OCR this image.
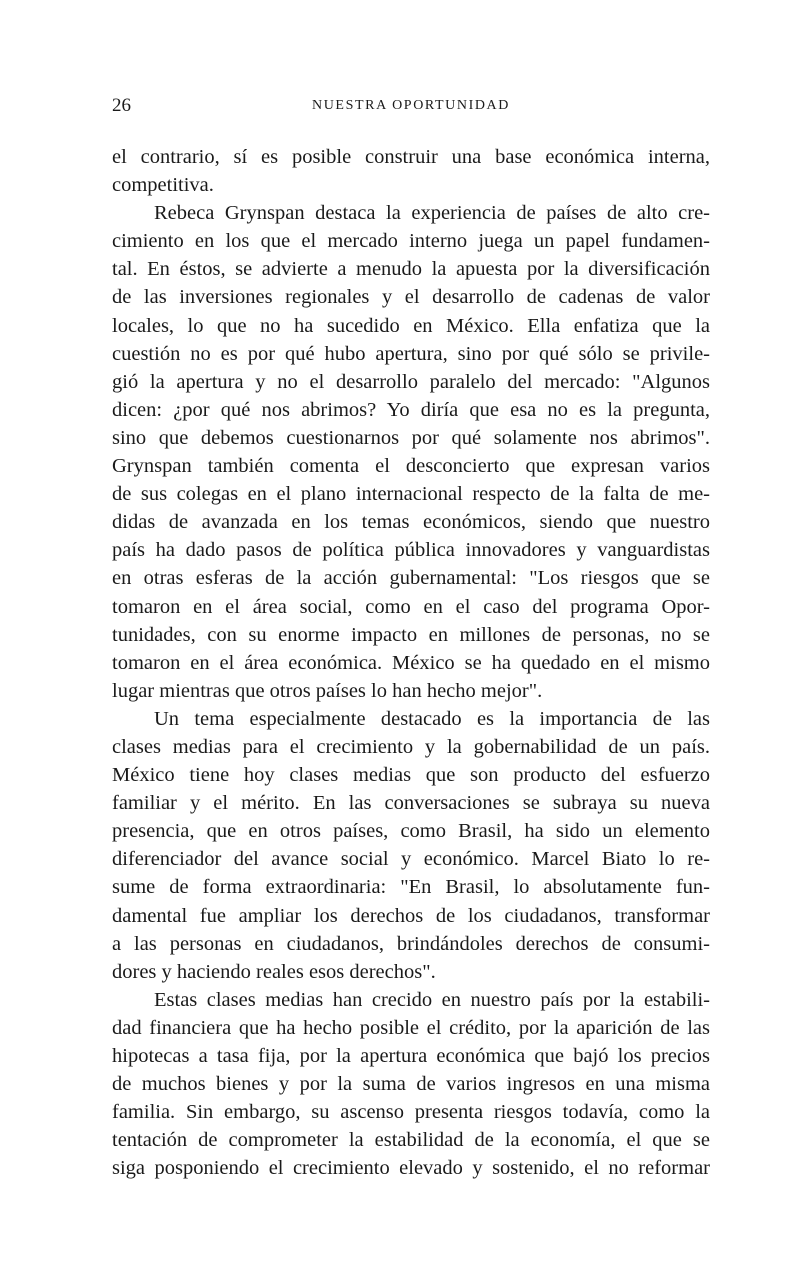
26	NUESTRA OPORTUNIDAD
el contrario, sí es posible construir una base económica interna,
competitiva.
Rebeca Grynspan destaca la experiencia de países de alto cre-
cimiento en los que el mercado interno juega un papel fundamen-
tal. En éstos, se advierte a menudo la apuesta por la diversificación
de las inversiones regionales y el desarrollo de cadenas de valor
locales, lo que no ha sucedido en México. Ella enfatiza que la
cuestión no es por qué hubo apertura, sino por qué sólo se privile-
gió la apertura y no el desarrollo paralelo del mercado: "Algunos
dicen: ¿por qué nos abrimos? Yo diría que esa no es la pregunta,
sino que debemos cuestionarnos por qué solamente nos abrimos".
Grynspan también comenta el desconcierto que expresan varios
de sus colegas en el plano internacional respecto de la falta de me-
didas de avanzada en los temas económicos, siendo que nuestro
país ha dado pasos de política pública innovadores y vanguardistas
en otras esferas de la acción gubernamental: "Los riesgos que se
tomaron en el área social, como en el caso del programa Opor-
tunidades, con su enorme impacto en millones de personas, no se
tomaron en el área económica. México se ha quedado en el mismo
lugar mientras que otros países lo han hecho mejor".
Un tema especialmente destacado es la importancia de las
clases medias para el crecimiento y la gobernabilidad de un país.
México tiene hoy clases medias que son producto del esfuerzo
familiar y el mérito. En las conversaciones se subraya su nueva
presencia, que en otros países, como Brasil, ha sido un elemento
diferenciador del avance social y económico. Marcel Biato lo re-
sume de forma extraordinaria: "En Brasil, lo absolutamente fun-
damental fue ampliar los derechos de los ciudadanos, transformar
a las personas en ciudadanos, brindándoles derechos de consumi-
dores y haciendo reales esos derechos".
Estas clases medias han crecido en nuestro país por la estabili-
dad financiera que ha hecho posible el crédito, por la aparición de las
hipotecas a tasa fija, por la apertura económica que bajó los precios
de muchos bienes y por la suma de varios ingresos en una misma
familia. Sin embargo, su ascenso presenta riesgos todavía, como la
tentación de comprometer la estabilidad de la economía, el que se
siga posponiendo el crecimiento elevado y sostenido, el no reformar
